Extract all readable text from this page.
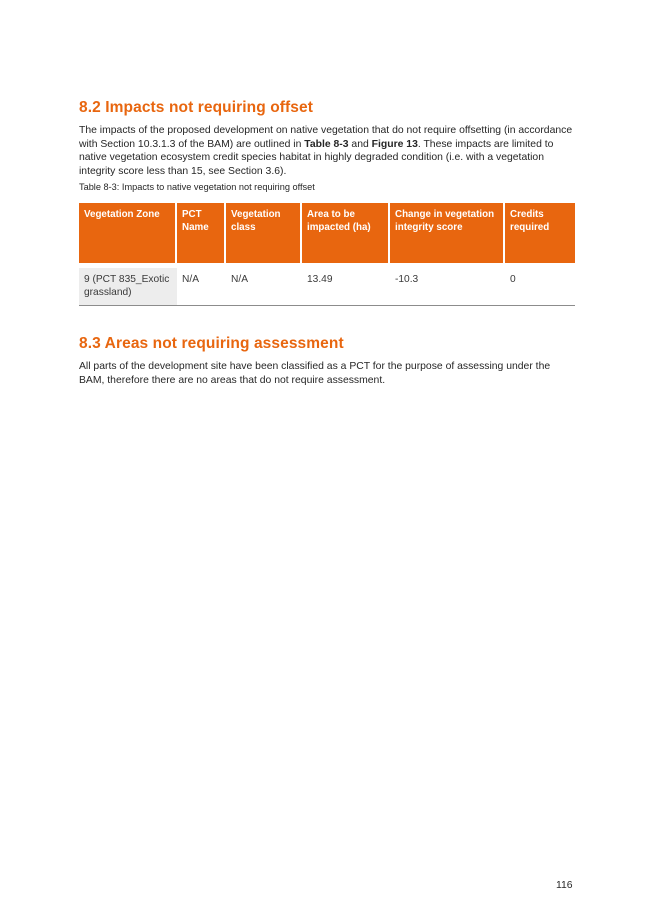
8.2 Impacts not requiring offset

The impacts of the proposed development on native vegetation that do not require offsetting (in accordance with Section 10.3.1.3 of the BAM) are outlined in Table 8-3 and Figure 13. These impacts are limited to native vegetation ecosystem credit species habitat in highly degraded condition (i.e. with a vegetation integrity score less than 15, see Section 3.6).

Table 8-3: Impacts to native vegetation not requiring offset
Vegetation Zone	PCT Name	Vegetation class	Area to be impacted (ha)	Change in vegetation integrity score	Credits required
9 (PCT 835_Exotic grassland)	N/A	N/A	13.49	-10.3	0
8.3 Areas not requiring assessment

All parts of the development site have been classified as a PCT for the purpose of assessing under the BAM, therefore there are no areas that do not require assessment.

116
